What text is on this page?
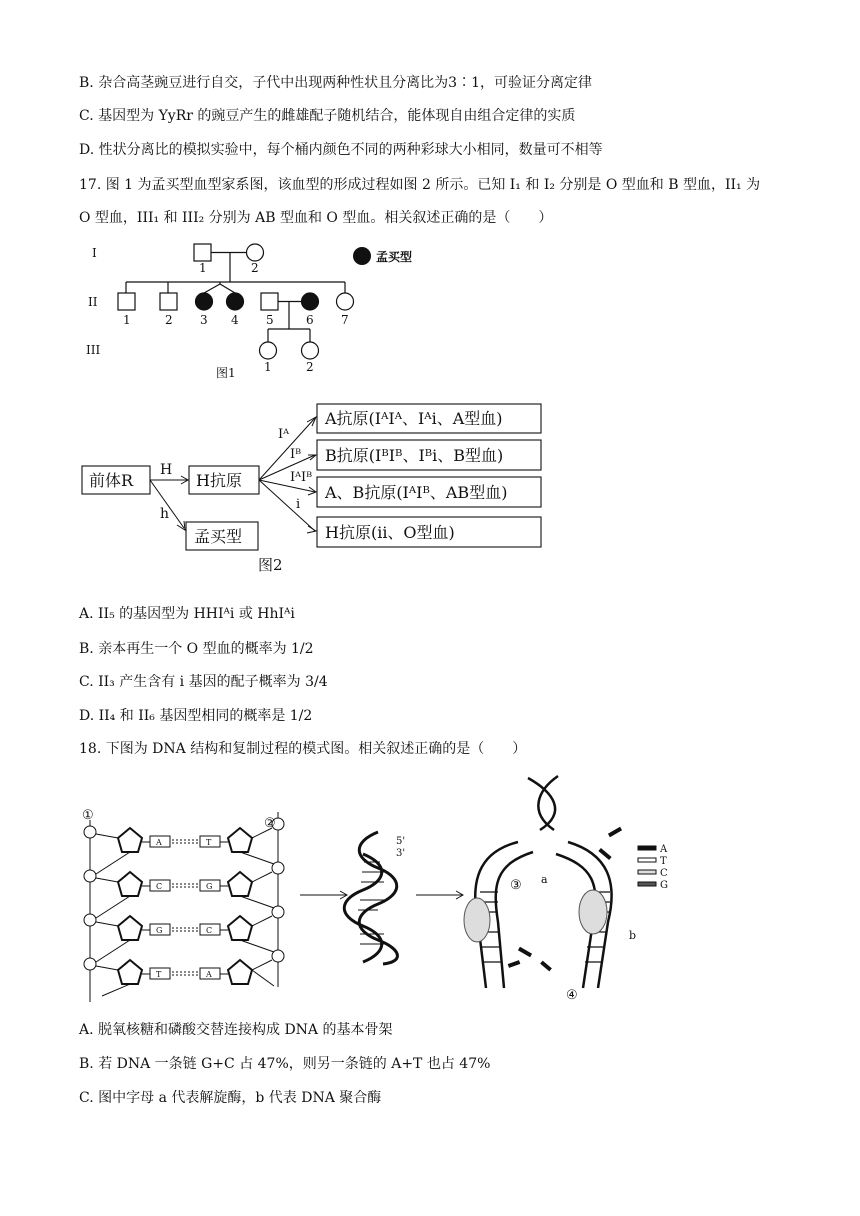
B. 杂合高茎豌豆进行自交，子代中出现两种性状且分离比为3∶1，可验证分离定律
C. 基因型为 YyRr 的豌豆产生的雌雄配子随机结合，能体现自由组合定律的实质
D. 性状分离比的模拟实验中，每个桶内颜色不同的两种彩球大小相同，数量可不相等
17. 图 1 为孟买型血型家系图，该血型的形成过程如图 2 所示。已知 I₁ 和 I₂ 分别是 O 型血和 B 型血，II₁ 为
O 型血，III₁ 和 III₂ 分别为 AB 型血和 O 型血。相关叙述正确的是（　　）
I
II
III
孟买型
1	2
1	2 3 4 5	6 7
1	2
图1
前体R	H抗原
孟买型
A抗原(IᴬIᴬ、Iᴬi、A型血)
B抗原(IᴮIᴮ、Iᴮi、B型血)
A、B抗原(IᴬIᴮ、AB型血)
H抗原(ii、O型血)
H
h
Iᴬ
Iᴮ
IᴬIᴮ
i
图2
A. II₅ 的基因型为 HHIᴬi 或 HhIᴬi
B. 亲本再生一个 O 型血的概率为 1/2
C. II₃ 产生含有 i 基因的配子概率为 3/4
D. II₄ 和 II₆ 基因型相同的概率是 1/2
18. 下图为 DNA 结构和复制过程的模式图。相关叙述正确的是（　　）
A	T
C	G
G	C
T	A
①
②
③
④
5'
3'
a
b
A
T
C
G
A. 脱氧核糖和磷酸交替连接构成 DNA 的基本骨架
B. 若 DNA 一条链 G+C 占 47%，则另一条链的 A+T 也占 47%
C. 图中字母 a 代表解旋酶，b 代表 DNA 聚合酶
